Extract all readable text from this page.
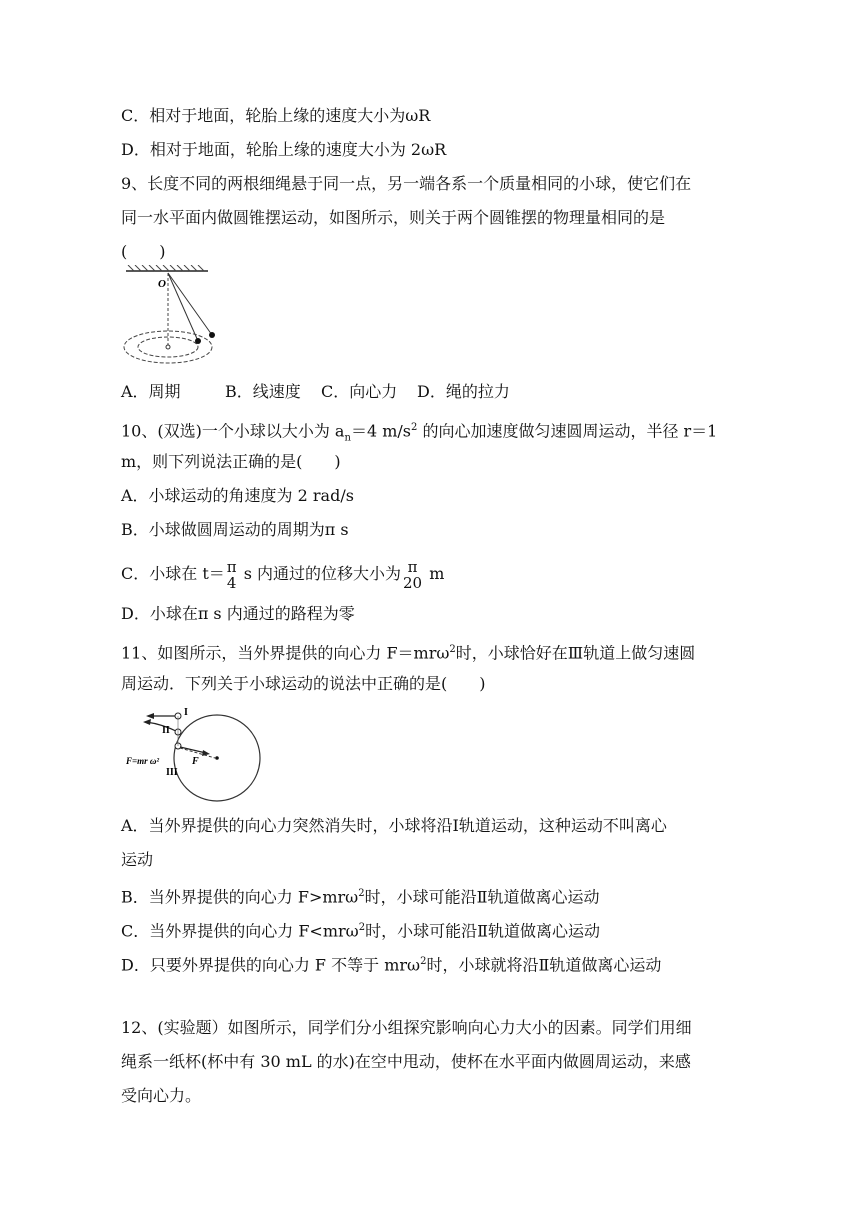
C．相对于地面，轮胎上缘的速度大小为ωR
D．相对于地面，轮胎上缘的速度大小为 2ωR
9、长度不同的两根细绳悬于同一点，另一端各系一个质量相同的小球，使它们在
同一水平面内做圆锥摆运动，如图所示，则关于两个圆锥摆的物理量相同的是
(　　)
O
A．周期	B．线速度 C．向心力 D．绳的拉力
10、(双选)一个小球以大小为 $a_n=4$ $m/s^2$ 的向心加速度做匀速圆周运动，半径 r＝1
m，则下列说法正确的是(　　)
A．小球运动的角速度为 2 rad/s
B．小球做圆周运动的周期为π s
C．小球在 t＝ π
4 s 内通过的位移大小为 π
20 m
D．小球在π s 内通过的路程为零
11、如图所示，当外界提供的向心力 F＝mrω$^2$时，小球恰好在Ⅲ轨道上做匀速圆
周运动．下列关于小球运动的说法中正确的是(　　)
I
II
III
F
F=mr ω²
A．当外界提供的向心力突然消失时，小球将沿Ⅰ轨道运动，这种运动不叫离心
运动
B．当外界提供的向心力 F>mrω$^2$时，小球可能沿Ⅱ轨道做离心运动
C．当外界提供的向心力 F<mrω$^2$时，小球可能沿Ⅱ轨道做离心运动
D．只要外界提供的向心力 F 不等于 mrω$^2$时，小球就将沿Ⅱ轨道做离心运动
12、(实验题）如图所示，同学们分小组探究影响向心力大小的因素。同学们用细
绳系一纸杯(杯中有 30 mL 的水)在空中甩动，使杯在水平面内做圆周运动，来感
受向心力。
